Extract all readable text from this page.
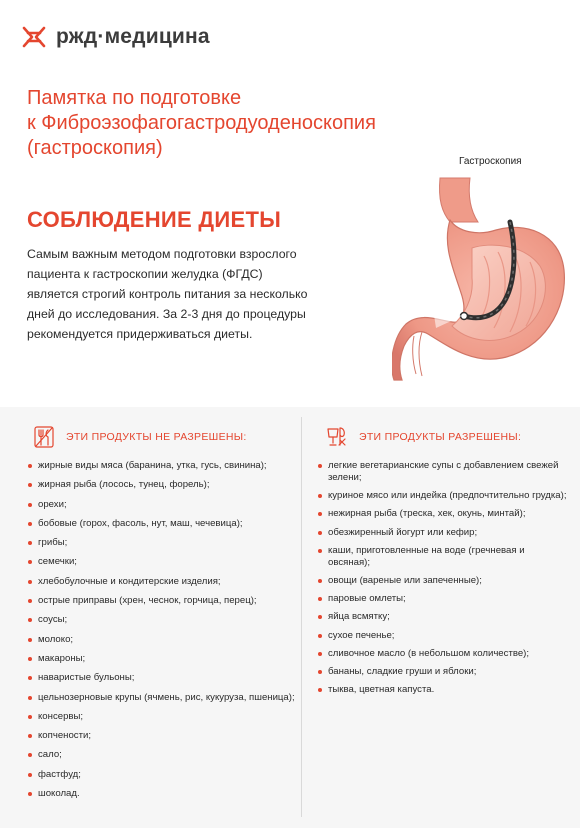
ржд·медицина
Памятка по подготовке
к Фиброэзофагогастродуоденоскопия
(гастроскопия)
Гастроскопия
СОБЛЮДЕНИЕ ДИЕТЫ
Самым важным методом подготовки взрослого
пациента к гастроскопии желудка (ФГДС)
является строгий контроль питания за несколько
дней до исследования. За 2-3 дня до процедуры
рекомендуется придерживаться диеты.
ЭТИ ПРОДУКТЫ НЕ РАЗРЕШЕНЫ:	ЭТИ ПРОДУКТЫ РАЗРЕШЕНЫ:
жирные виды мяса (баранина, утка, гусь, свинина);
жирная рыба (лосось, тунец, форель);
орехи;
бобовые (горох, фасоль, нут, маш, чечевица);
грибы;
семечки;
хлебобулочные и кондитерские изделия;
острые приправы (хрен, чеснок, горчица, перец);
соусы;
молоко;
макароны;
наваристые бульоны;
цельнозерновые крупы (ячмень, рис, кукуруза, пшеница);
консервы;
копчености;
сало;
фастфуд;
шоколад.
легкие вегетарианские супы с добавлением свежей зелени;
куриное мясо или индейка (предпочтительно грудка);
нежирная рыба (треска, хек, окунь, минтай);
обезжиренный йогурт или кефир;
каши, приготовленные на воде (гречневая и овсяная);
овощи (вареные или запеченные);
паровые омлеты;
яйца всмятку;
сухое печенье;
сливочное масло (в небольшом количестве);
бананы, сладкие груши и яблоки;
тыква, цветная капуста.
